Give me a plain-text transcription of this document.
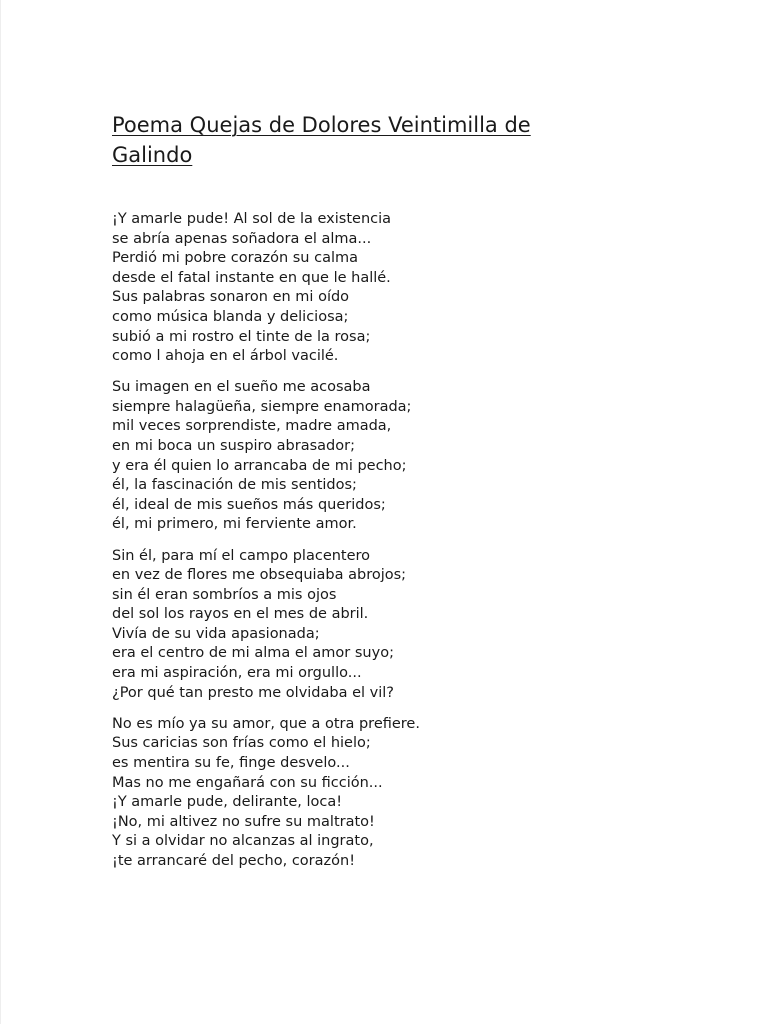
Poema Quejas de Dolores Veintimilla de
Galindo
¡Y amarle pude! Al sol de la existencia
se abría apenas soñadora el alma...
Perdió mi pobre corazón su calma
desde el fatal instante en que le hallé.
Sus palabras sonaron en mi oído
como música blanda y deliciosa;
subió a mi rostro el tinte de la rosa;
como l ahoja en el árbol vacilé.
Su imagen en el sueño me acosaba
siempre halagüeña, siempre enamorada;
mil veces sorprendiste, madre amada,
en mi boca un suspiro abrasador;
y era él quien lo arrancaba de mi pecho;
él, la fascinación de mis sentidos;
él, ideal de mis sueños más queridos;
él, mi primero, mi ferviente amor.
Sin él, para mí el campo placentero
en vez de flores me obsequiaba abrojos;
sin él eran sombríos a mis ojos
del sol los rayos en el mes de abril.
Vivía de su vida apasionada;
era el centro de mi alma el amor suyo;
era mi aspiración, era mi orgullo...
¿Por qué tan presto me olvidaba el vil?
No es mío ya su amor, que a otra prefiere.
Sus caricias son frías como el hielo;
es mentira su fe, finge desvelo...
Mas no me engañará con su ficción...
¡Y amarle pude, delirante, loca!
¡No, mi altivez no sufre su maltrato!
Y si a olvidar no alcanzas al ingrato,
¡te arrancaré del pecho, corazón!
